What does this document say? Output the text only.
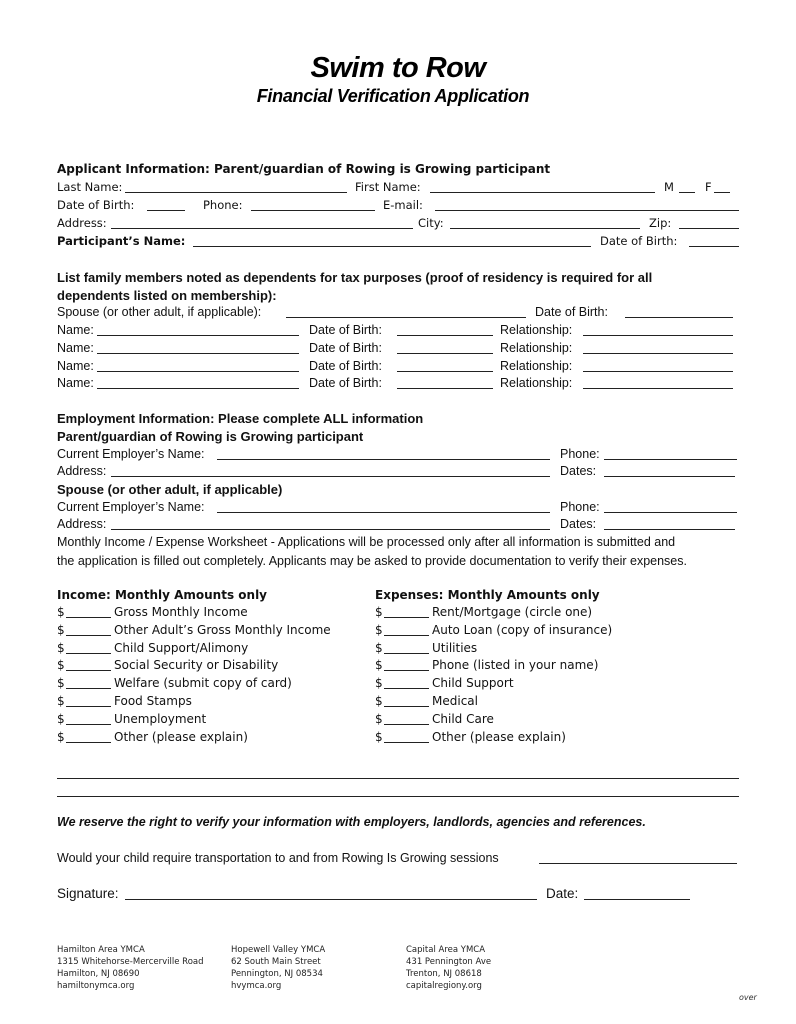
Swim to Row
Financial Verification Application
Applicant Information: Parent/guardian of Rowing is Growing participant
Last Name:	First Name:	M	F
Date of Birth:	Phone:	E-mail:
Address:	City:	Zip:
Participant’s Name:	Date of Birth:
List family members noted as dependents for tax purposes (proof of residency is required for all
dependents listed on membership):
Spouse (or other adult, if applicable):	Date of Birth:
Name:	Date of Birth:	Relationship:
Name:	Date of Birth:	Relationship:
Name:	Date of Birth:	Relationship:
Name:	Date of Birth:	Relationship:
Employment Information: Please complete ALL information
Parent/guardian of Rowing is Growing participant
Current Employer’s Name:	Phone:
Address:	Dates:
Spouse (or other adult, if applicable)
Current Employer’s Name:	Phone:
Address:	Dates:
Monthly Income / Expense Worksheet - Applications will be processed only after all information is submitted and
the application is filled out completely. Applicants may be asked to provide documentation to verify their expenses.
Income: Monthly Amounts only
$	Gross Monthly Income
$	Other Adult’s Gross Monthly Income
$	Child Support/Alimony
$	Social Security or Disability
$	Welfare (submit copy of card)
$	Food Stamps
$	Unemployment
$	Other (please explain)
Expenses: Monthly Amounts only
$	Rent/Mortgage (circle one)
$	Auto Loan (copy of insurance)
$	Utilities
$	Phone (listed in your name)
$	Child Support
$	Medical
$	Child Care
$	Other (please explain)
We reserve the right to verify your information with employers, landlords, agencies and references.
Would your child require transportation to and from Rowing Is Growing sessions
Signature:	Date:
Hamilton Area YMCA
1315 Whitehorse-Mercerville Road
Hamilton, NJ 08690
hamiltonymca.org
Hopewell Valley YMCA
62 South Main Street
Pennington, NJ 08534
hvymca.org
Capital Area YMCA
431 Pennington Ave
Trenton, NJ 08618
capitalregiony.org
over
